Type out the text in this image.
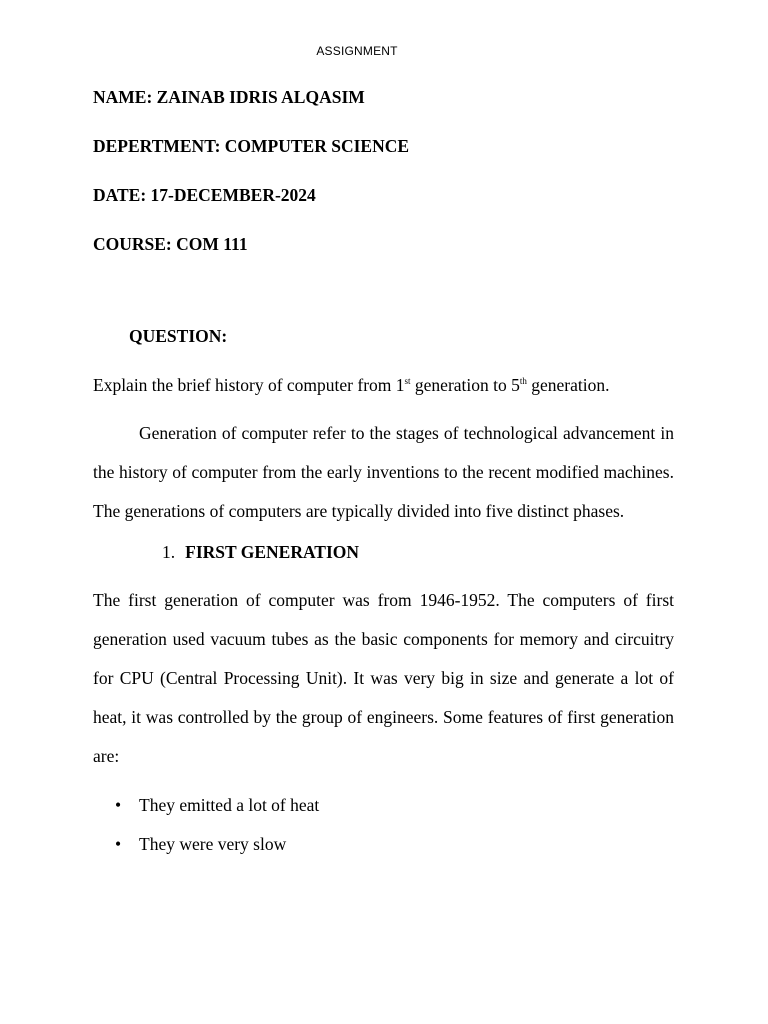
ASSIGNMENT
NAME: ZAINAB IDRIS ALQASIM
DEPERTMENT: COMPUTER SCIENCE
DATE: 17-DECEMBER-2024
COURSE: COM 111
QUESTION:
Explain the brief history of computer from 1st generation to 5th generation.

Generation of computer refer to the stages of technological advancement in the history of computer from the early inventions to the recent modified machines. The generations of computers are typically divided into five distinct phases.

1. FIRST GENERATION

The first generation of computer was from 1946-1952. The computers of first generation used vacuum tubes as the basic components for memory and circuitry for CPU (Central Processing Unit). It was very big in size and generate a lot of heat, it was controlled by the group of engineers. Some features of first generation are:

• They emitted a lot of heat
• They were very slow
